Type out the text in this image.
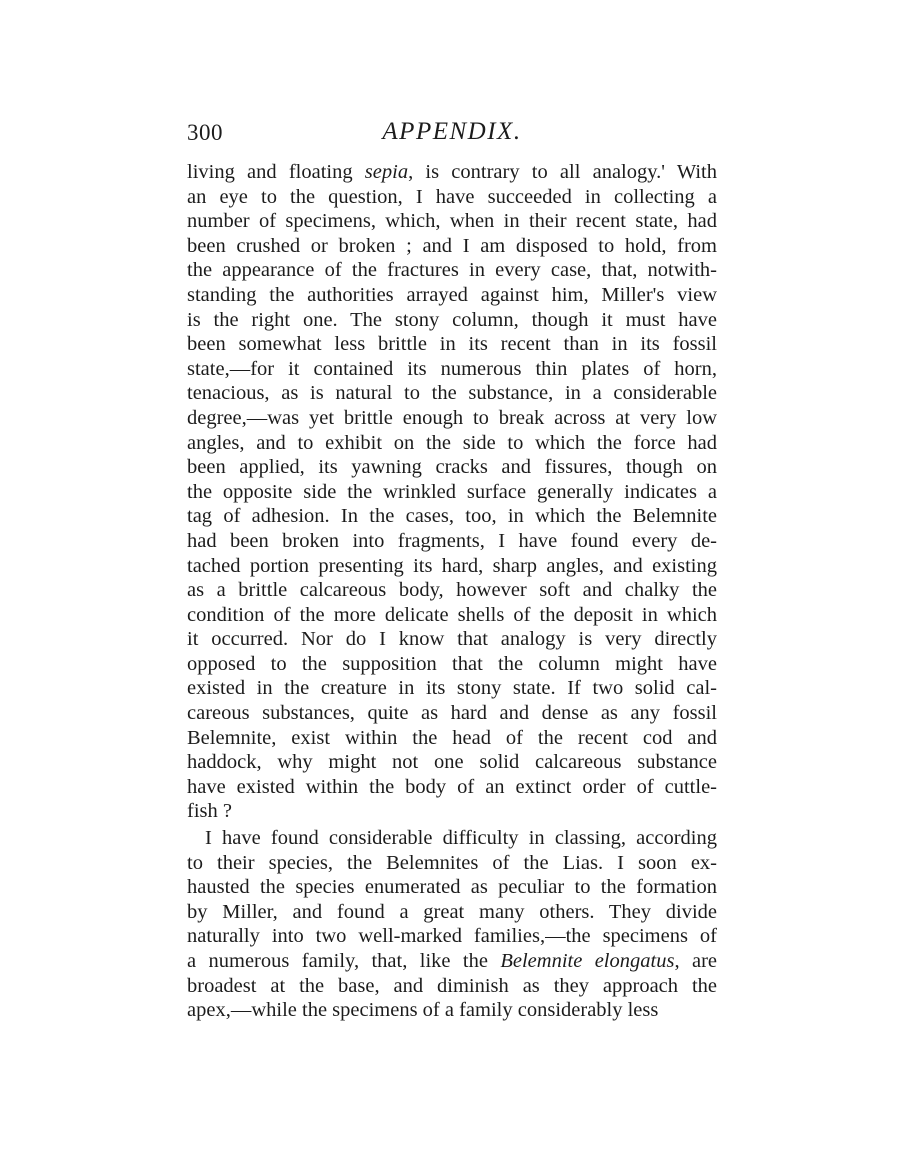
300	APPENDIX.
living and floating sepia, is contrary to all analogy.' With
an eye to the question, I have succeeded in collecting a
number of specimens, which, when in their recent state, had
been crushed or broken ; and I am disposed to hold, from
the appearance of the fractures in every case, that, notwith-
standing the authorities arrayed against him, Miller's view
is the right one. The stony column, though it must have
been somewhat less brittle in its recent than in its fossil
state,—for it contained its numerous thin plates of horn,
tenacious, as is natural to the substance, in a considerable
degree,—was yet brittle enough to break across at very low
angles, and to exhibit on the side to which the force had
been applied, its yawning cracks and fissures, though on
the opposite side the wrinkled surface generally indicates a
tag of adhesion. In the cases, too, in which the Belemnite
had been broken into fragments, I have found every de-
tached portion presenting its hard, sharp angles, and existing
as a brittle calcareous body, however soft and chalky the
condition of the more delicate shells of the deposit in which
it occurred. Nor do I know that analogy is very directly
opposed to the supposition that the column might have
existed in the creature in its stony state. If two solid cal-
careous substances, quite as hard and dense as any fossil
Belemnite, exist within the head of the recent cod and
haddock, why might not one solid calcareous substance
have existed within the body of an extinct order of cuttle-
fish ?
I have found considerable difficulty in classing, according
to their species, the Belemnites of the Lias. I soon ex-
hausted the species enumerated as peculiar to the formation
by Miller, and found a great many others. They divide
naturally into two well-marked families,—the specimens of
a numerous family, that, like the Belemnite elongatus, are
broadest at the base, and diminish as they approach the
apex,—while the specimens of a family considerably less
